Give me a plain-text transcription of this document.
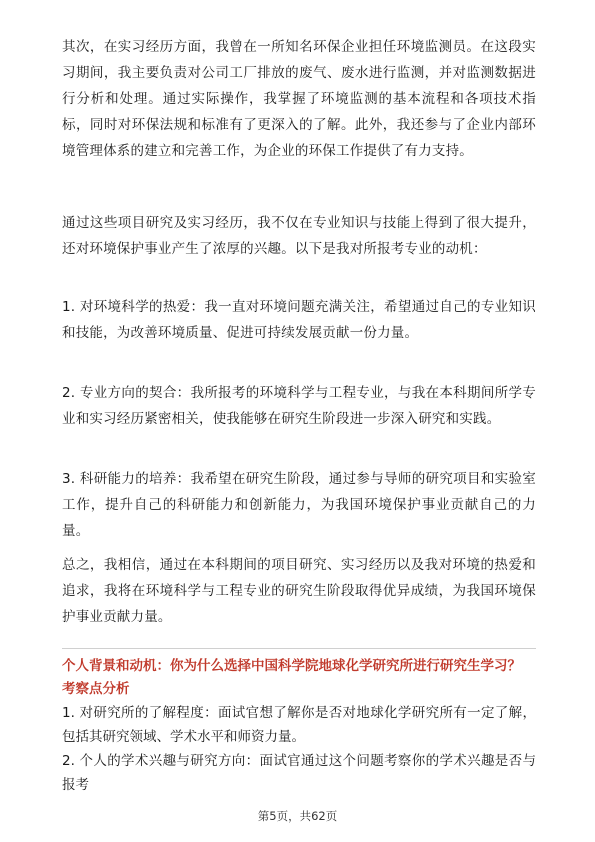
其次，在实习经历方面，我曾在一所知名环保企业担任环境监测员。在这段实习期间，我主要负责对公司工厂排放的废气、废水进行监测，并对监测数据进行分析和处理。通过实际操作，我掌握了环境监测的基本流程和各项技术指标，同时对环保法规和标准有了更深入的了解。此外，我还参与了企业内部环境管理体系的建立和完善工作，为企业的环保工作提供了有力支持。

通过这些项目研究及实习经历，我不仅在专业知识与技能上得到了很大提升，还对环境保护事业产生了浓厚的兴趣。以下是我对所报考专业的动机：

1. 对环境科学的热爱：我一直对环境问题充满关注，希望通过自己的专业知识和技能，为改善环境质量、促进可持续发展贡献一份力量。

2. 专业方向的契合：我所报考的环境科学与工程专业，与我在本科期间所学专业和实习经历紧密相关，使我能够在研究生阶段进一步深入研究和实践。

3. 科研能力的培养：我希望在研究生阶段，通过参与导师的研究项目和实验室工作，提升自己的科研能力和创新能力，为我国环境保护事业贡献自己的力量。

总之，我相信，通过在本科期间的项目研究、实习经历以及我对环境的热爱和追求，我将在环境科学与工程专业的研究生阶段取得优异成绩，为我国环境保护事业贡献力量。

个人背景和动机：你为什么选择中国科学院地球化学研究所进行研究生学习？

考察点分析

1. 对研究所的了解程度：面试官想了解你是否对地球化学研究所有一定了解，包括其研究领域、学术水平和师资力量。

2. 个人的学术兴趣与研究方向：面试官通过这个问题考察你的学术兴趣是否与报考

第5页，共62页
